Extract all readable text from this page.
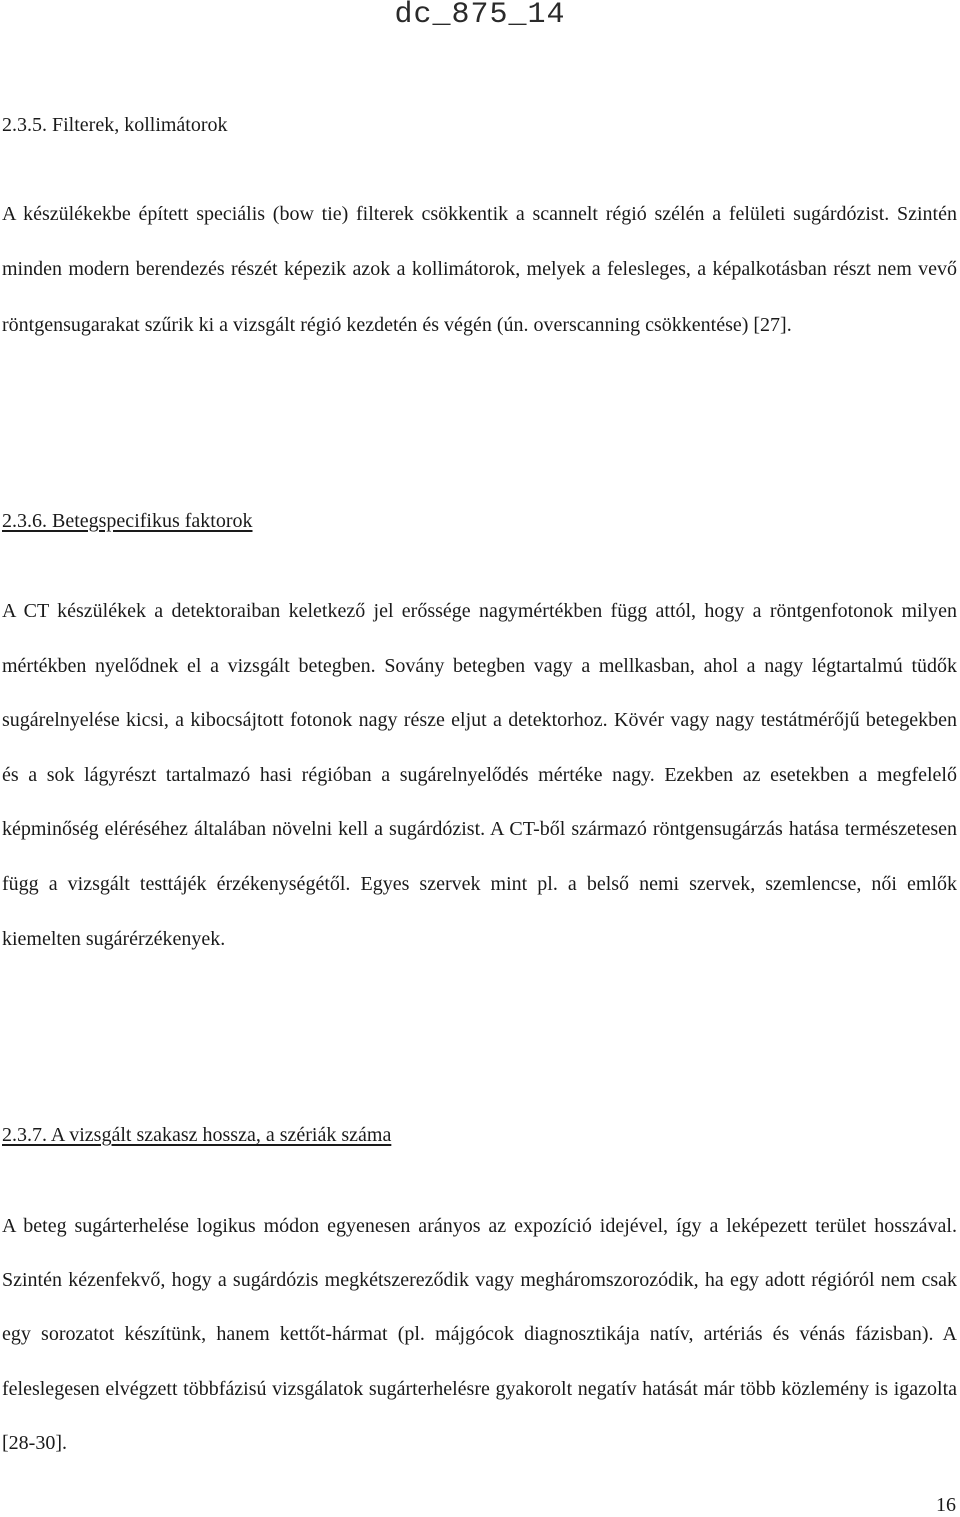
dc_875_14
2.3.5. Filterek, kollimátorok

A készülékekbe épített speciális (bow tie) filterek csökkentik a scannelt régió szélén a felületi sugárdózist. Szintén minden modern berendezés részét képezik azok a kollimátorok, melyek a felesleges, a képalkotásban részt nem vevő röntgensugarakat szűrik ki a vizsgált régió kezdetén és végén (ún. overscanning csökkentése) [27].

2.3.6. Betegspecifikus faktorok

A CT készülékek a detektoraiban keletkező jel erőssége nagymértékben függ attól, hogy a röntgenfotonok milyen mértékben nyelődnek el a vizsgált betegben. Sovány betegben vagy a mellkasban, ahol a nagy légtartalmú tüdők sugárelnyelése kicsi, a kibocsájtott fotonok nagy része eljut a detektorhoz. Kövér vagy nagy testátmérőjű betegekben és a sok lágyrészt tartalmazó hasi régióban a sugárelnyelődés mértéke nagy. Ezekben az esetekben a megfelelő képminőség eléréséhez általában növelni kell a sugárdózist. A CT-ből származó röntgensugárzás hatása természetesen függ a vizsgált testtájék érzékenységétől. Egyes szervek mint pl. a belső nemi szervek, szemlencse, női emlők kiemelten sugárérzékenyek.

2.3.7. A vizsgált szakasz hossza, a szériák száma

A beteg sugárterhelése logikus módon egyenesen arányos az expozíció idejével, így a leképezett terület hosszával. Szintén kézenfekvő, hogy a sugárdózis megkétszereződik vagy megháromszorozódik, ha egy adott régióról nem csak egy sorozatot készítünk, hanem kettőt-hármat (pl. májgócok diagnosztikája natív, artériás és vénás fázisban). A feleslegesen elvégzett többfázisú vizsgálatok sugárterhelésre gyakorolt negatív hatását már több közlemény is igazolta [28-30].

16
